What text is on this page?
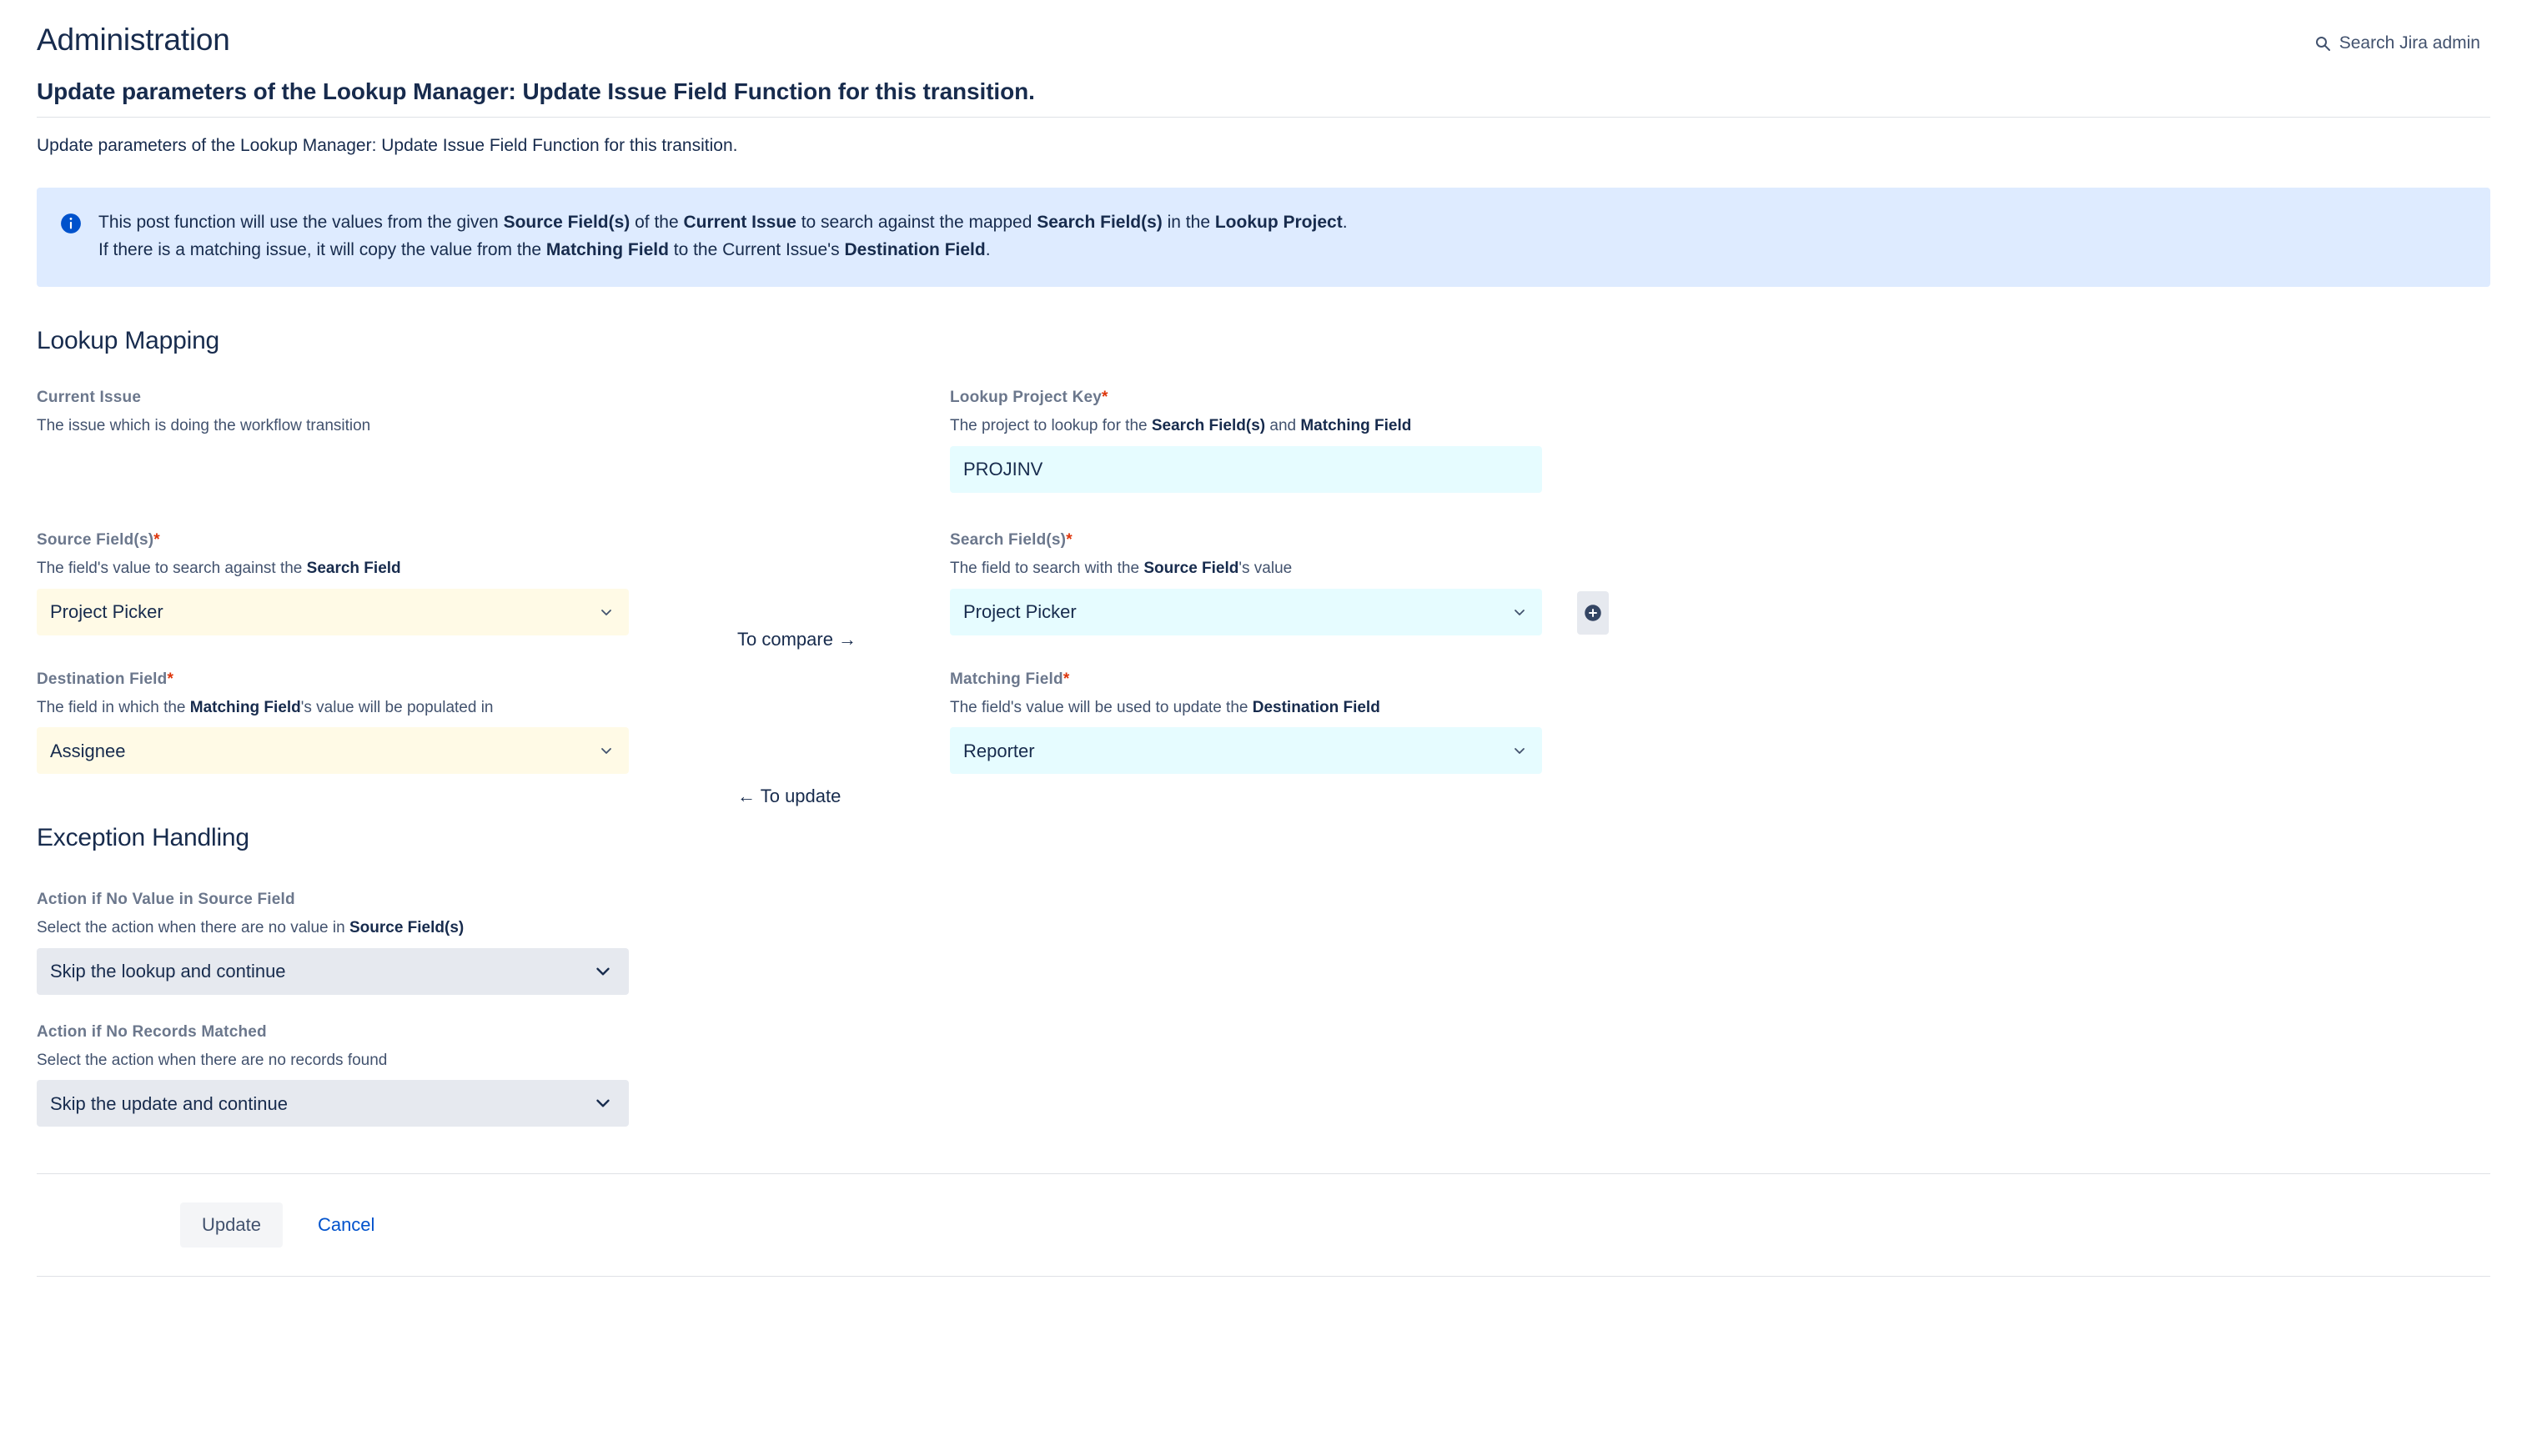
Administration	Search Jira admin
Update parameters of the Lookup Manager: Update Issue Field Function for this transition.

Update parameters of the Lookup Manager: Update Issue Field Function for this transition.

This post function will use the values from the given Source Field(s) of the Current Issue to search against the mapped Search Field(s) in the Lookup Project.
If there is a matching issue, it will copy the value from the Matching Field to the Current Issue's Destination Field.
Lookup Mapping
Current Issue
The issue which is doing the workflow transition
Lookup Project Key*
The project to lookup for the Search Field(s) and Matching Field
PROJINV
Source Field(s)*
The field's value to search against the Search Field
Project Picker
Search Field(s)*
The field to search with the Source Field's value
Project Picker
To compare →
Destination Field*
The field in which the Matching Field's value will be populated in
Assignee
Matching Field*
The field's value will be used to update the Destination Field
Reporter
← To update
Exception Handling
Action if No Value in Source Field
Select the action when there are no value in Source Field(s)
Skip the lookup and continue
Action if No Records Matched
Select the action when there are no records found
Skip the update and continue
Update	Cancel
